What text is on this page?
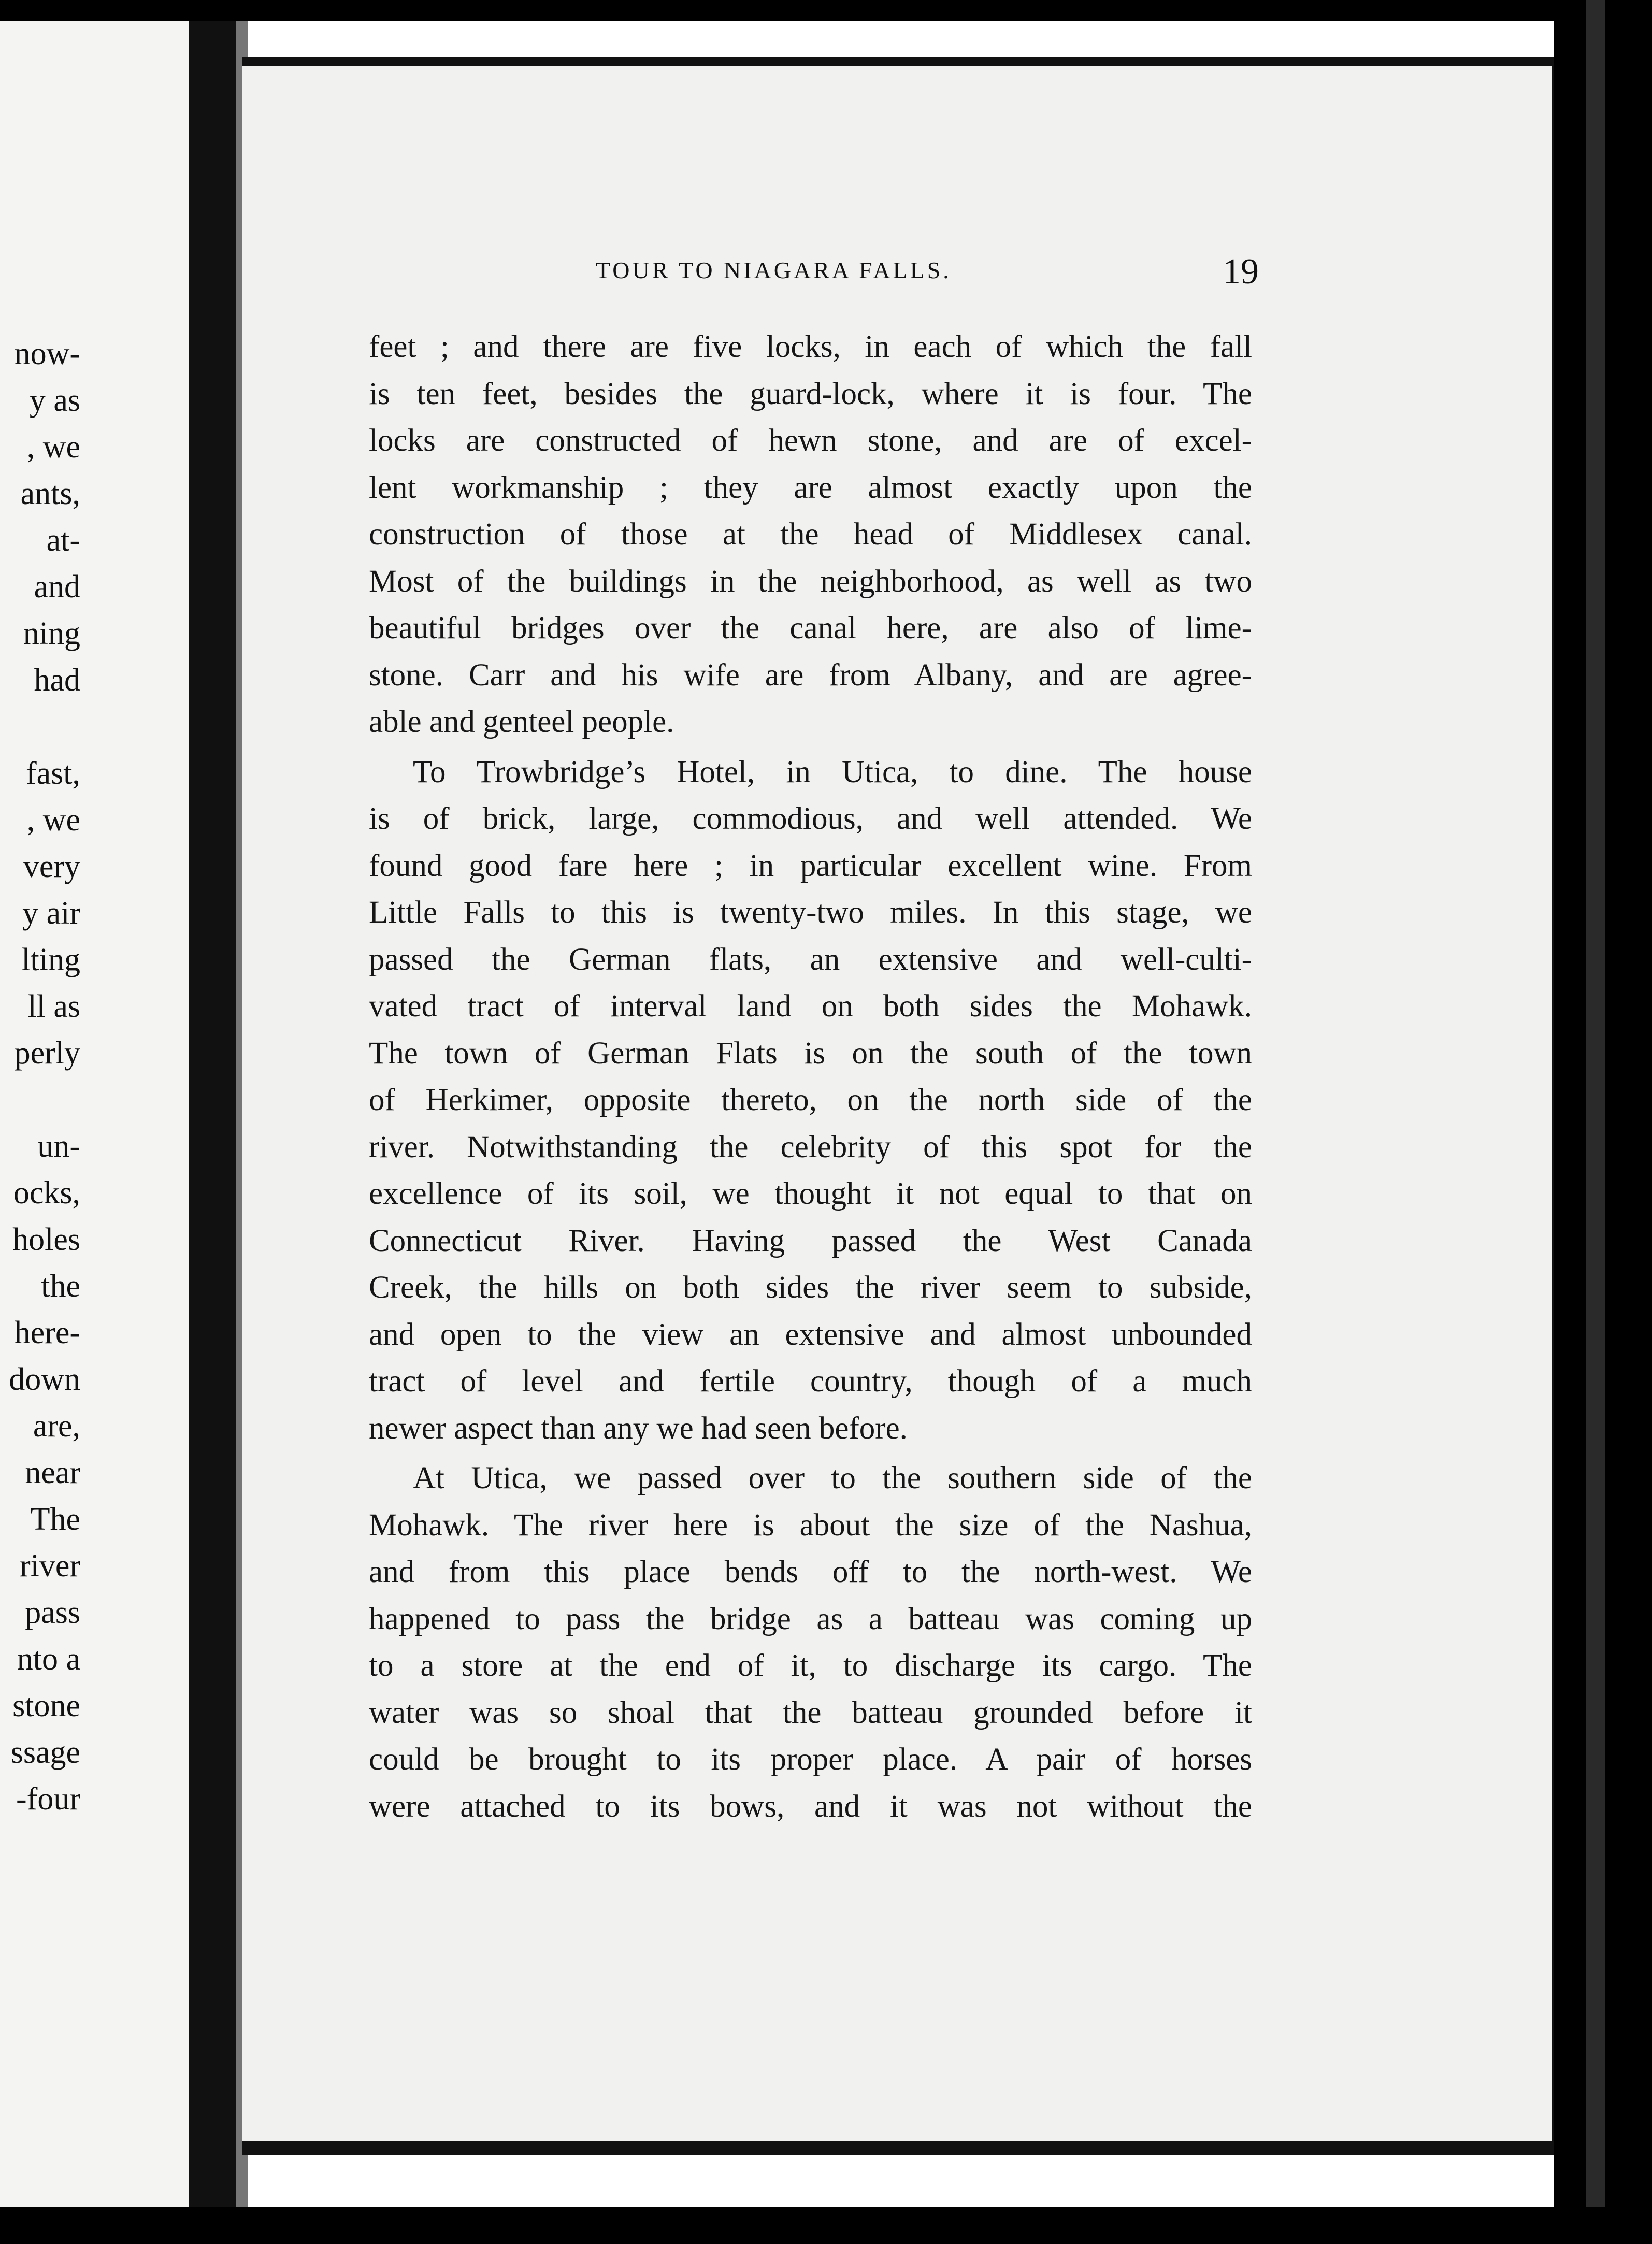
now-
y as
, we
ants,
at-
and
ning
had
fast,
, we
very
y air
lting
ll as
perly
un-
ocks,
holes
the
here-
down
are,
near
The
river
pass
nto a
stone
ssage
-four
TOUR TO NIAGARA FALLS.	19
feet ; and there are five locks, in each of which the fall
is ten feet, besides the guard-lock, where it is four. The
locks are constructed of hewn stone, and are of excel-
lent workmanship ; they are almost exactly upon the
construction of those at the head of Middlesex canal.
Most of the buildings in the neighborhood, as well as two
beautiful bridges over the canal here, are also of lime-
stone. Carr and his wife are from Albany, and are agree-
able and genteel people.
To Trowbridge’s Hotel, in Utica, to dine. The house
is of brick, large, commodious, and well attended. We
found good fare here ; in particular excellent wine. From
Little Falls to this is twenty-two miles. In this stage, we
passed the German flats, an extensive and well-culti-
vated tract of interval land on both sides the Mohawk.
The town of German Flats is on the south of the town
of Herkimer, opposite thereto, on the north side of the
river. Notwithstanding the celebrity of this spot for the
excellence of its soil, we thought it not equal to that on
Connecticut River. Having passed the West Canada
Creek, the hills on both sides the river seem to subside,
and open to the view an extensive and almost unbounded
tract of level and fertile country, though of a much
newer aspect than any we had seen before.
At Utica, we passed over to the southern side of the
Mohawk. The river here is about the size of the Nashua,
and from this place bends off to the north-west. We
happened to pass the bridge as a batteau was coming up
to a store at the end of it, to discharge its cargo. The
water was so shoal that the batteau grounded before it
could be brought to its proper place. A pair of horses
were attached to its bows, and it was not without the
